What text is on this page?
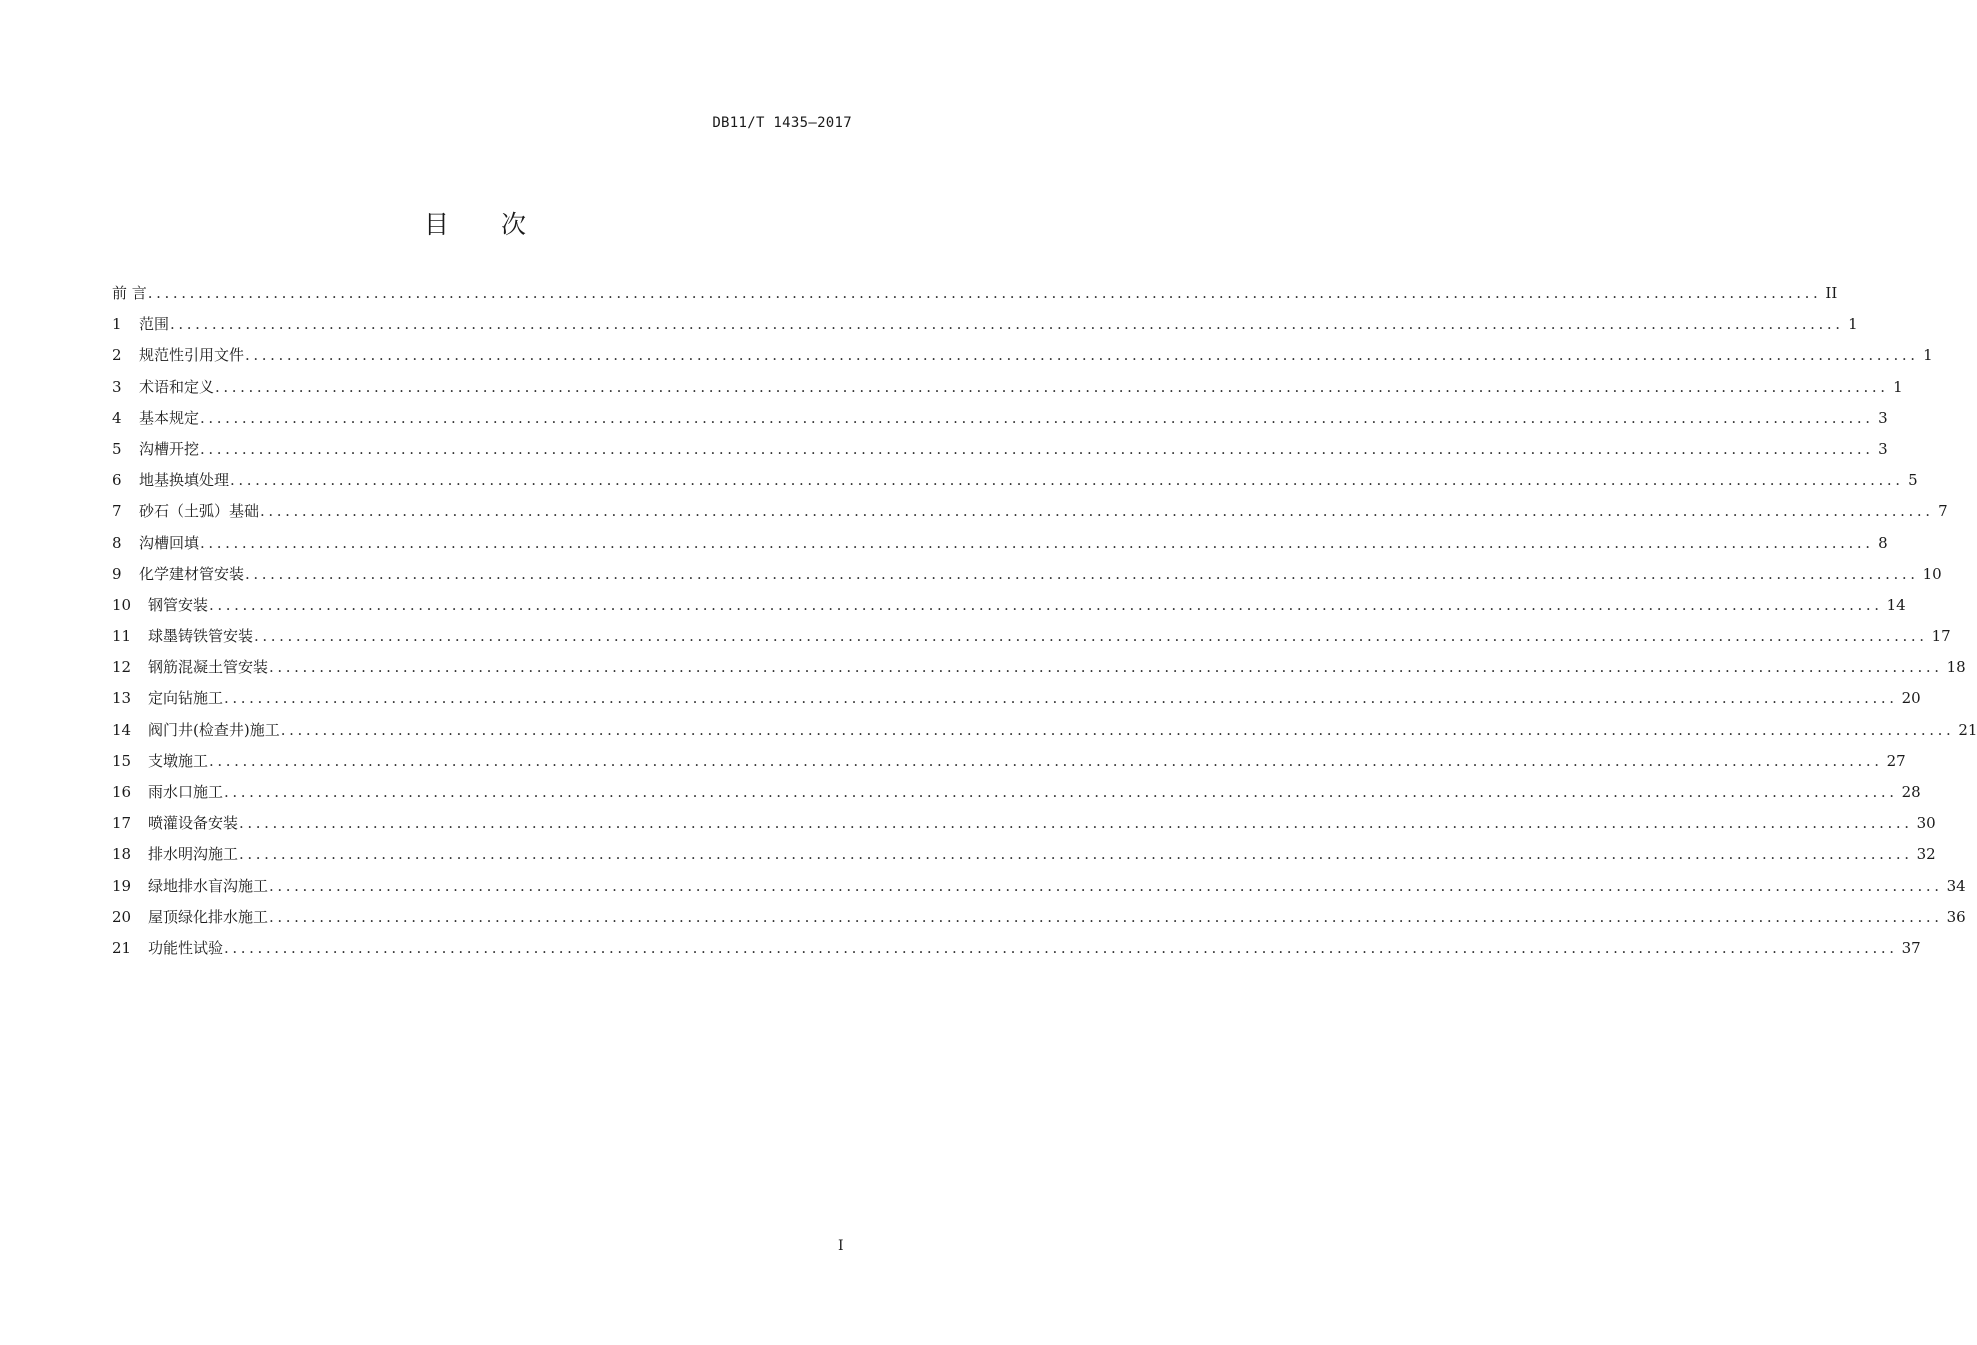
DB11/T 1435—2017
目 次
前 言 ........................................................................................................................................................................................................ II
1	范围 ........................................................................................................................................................................................................ 1
2	规范性引用文件 ........................................................................................................................................................................................................ 1
3	术语和定义 ........................................................................................................................................................................................................ 1
4	基本规定 ........................................................................................................................................................................................................ 3
5	沟槽开挖 ........................................................................................................................................................................................................ 3
6	地基换填处理 ........................................................................................................................................................................................................ 5
7	砂石（土弧）基础 ........................................................................................................................................................................................................ 7
8	沟槽回填 ........................................................................................................................................................................................................ 8
9	化学建材管安装 ........................................................................................................................................................................................................ 10
10	钢管安装 ........................................................................................................................................................................................................ 14
11	球墨铸铁管安装 ........................................................................................................................................................................................................ 17
12	钢筋混凝土管安装 ........................................................................................................................................................................................................ 18
13	定向钻施工 ........................................................................................................................................................................................................ 20
14	阀门井(检查井)施工 ........................................................................................................................................................................................................ 21
15	支墩施工 ........................................................................................................................................................................................................ 27
16	雨水口施工 ........................................................................................................................................................................................................ 28
17	喷灌设备安装 ........................................................................................................................................................................................................ 30
18	排水明沟施工 ........................................................................................................................................................................................................ 32
19	绿地排水盲沟施工 ........................................................................................................................................................................................................ 34
20	屋顶绿化排水施工 ........................................................................................................................................................................................................ 36
21	功能性试验 ........................................................................................................................................................................................................ 37
I
